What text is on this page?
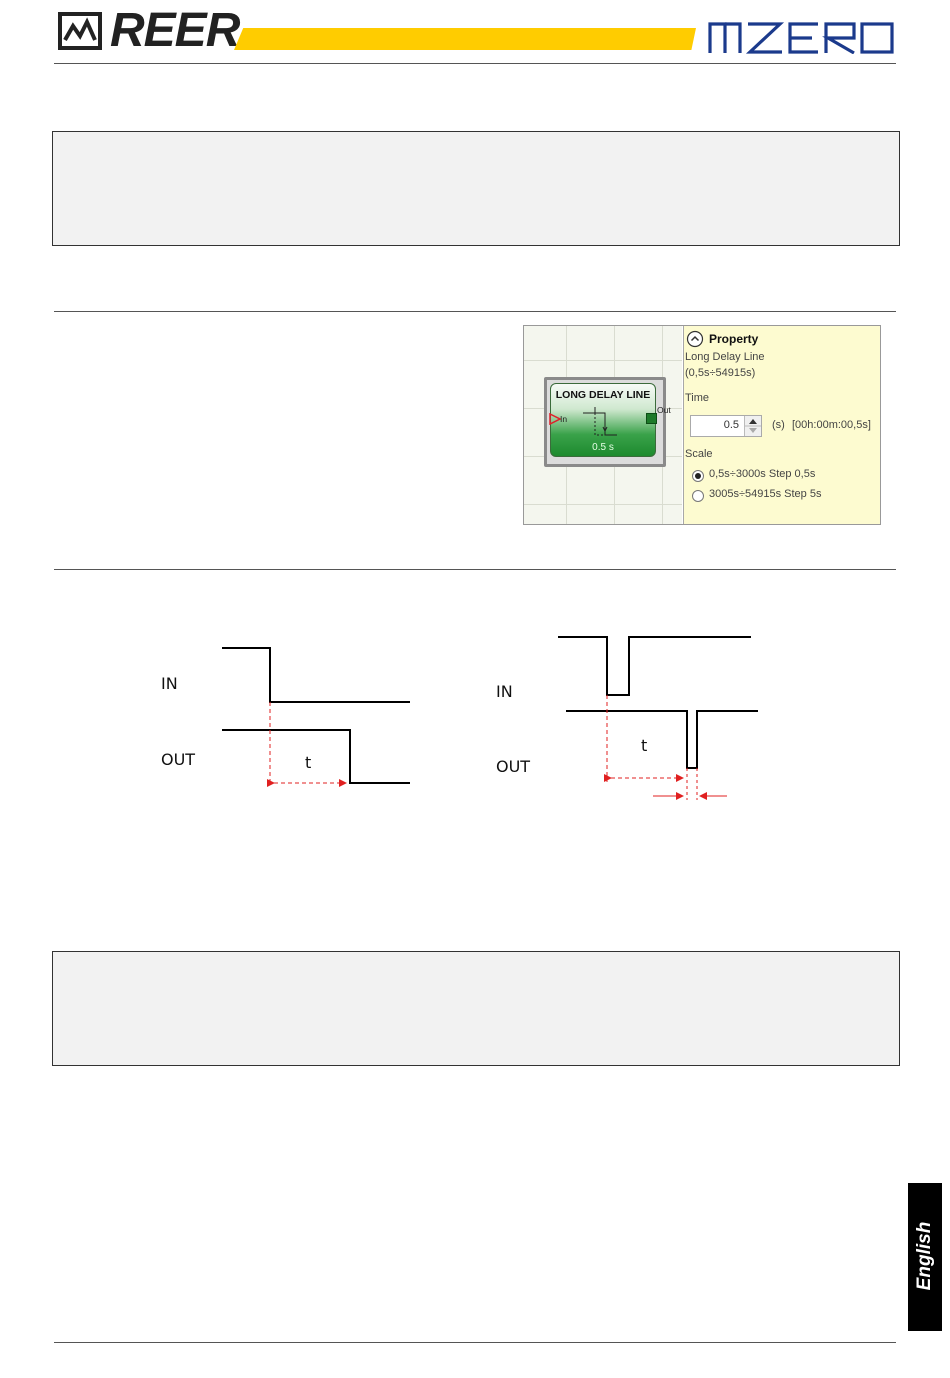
REER
LONG DELAY LINE
0.5 s
In
Out
Property
Long Delay Line
(0,5s÷54915s)
Time
0.5	(s) [00h:00m:00,5s]
Scale
0,5s÷3000s Step 0,5s
3005s÷54915s Step 5s
IN
OUT	t
IN
OUT
t
English
